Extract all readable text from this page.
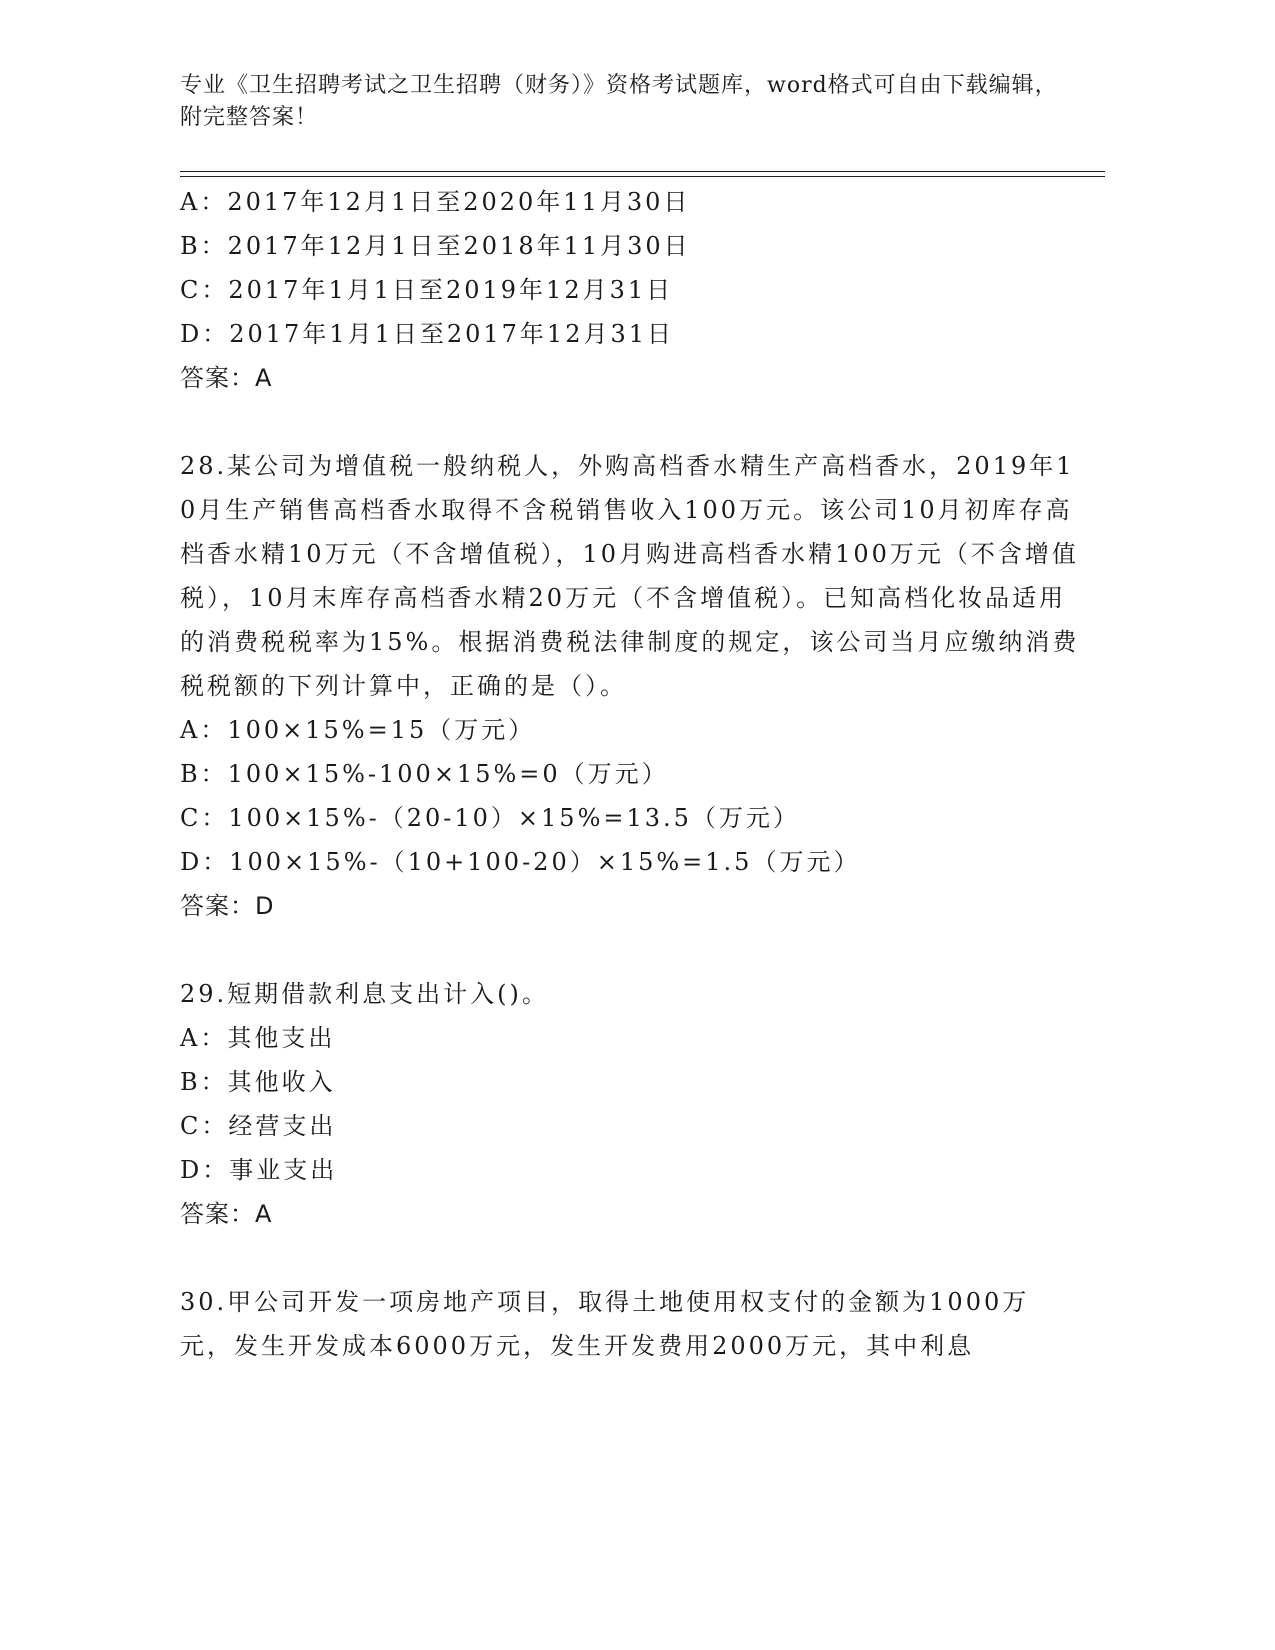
专业《卫生招聘考试之卫生招聘（财务）》资格考试题库，word格式可自由下载编辑，附完整答案！
A：2017年12月1日至2020年11月30日
B：2017年12月1日至2018年11月30日
C：2017年1月1日至2019年12月31日
D：2017年1月1日至2017年12月31日
答案：A
28.某公司为增值税一般纳税人，外购高档香水精生产高档香水，2019年10月生产销售高档香水取得不含税销售收入100万元。该公司10月初库存高档香水精10万元（不含增值税），10月购进高档香水精100万元（不含增值税），10月末库存高档香水精20万元（不含增值税）。已知高档化妆品适用的消费税税率为15%。根据消费税法律制度的规定，该公司当月应缴纳消费税税额的下列计算中，正确的是（）。
A：100×15%=15（万元）
B：100×15%-100×15%=0（万元）
C：100×15%-（20-10）×15%=13.5（万元）
D：100×15%-（10+100-20）×15%=1.5（万元）
答案：D
29.短期借款利息支出计入()。
A：其他支出
B：其他收入
C：经营支出
D：事业支出
答案：A
30.甲公司开发一项房地产项目，取得土地使用权支付的金额为1000万元，发生开发成本6000万元，发生开发费用2000万元，其中利息
